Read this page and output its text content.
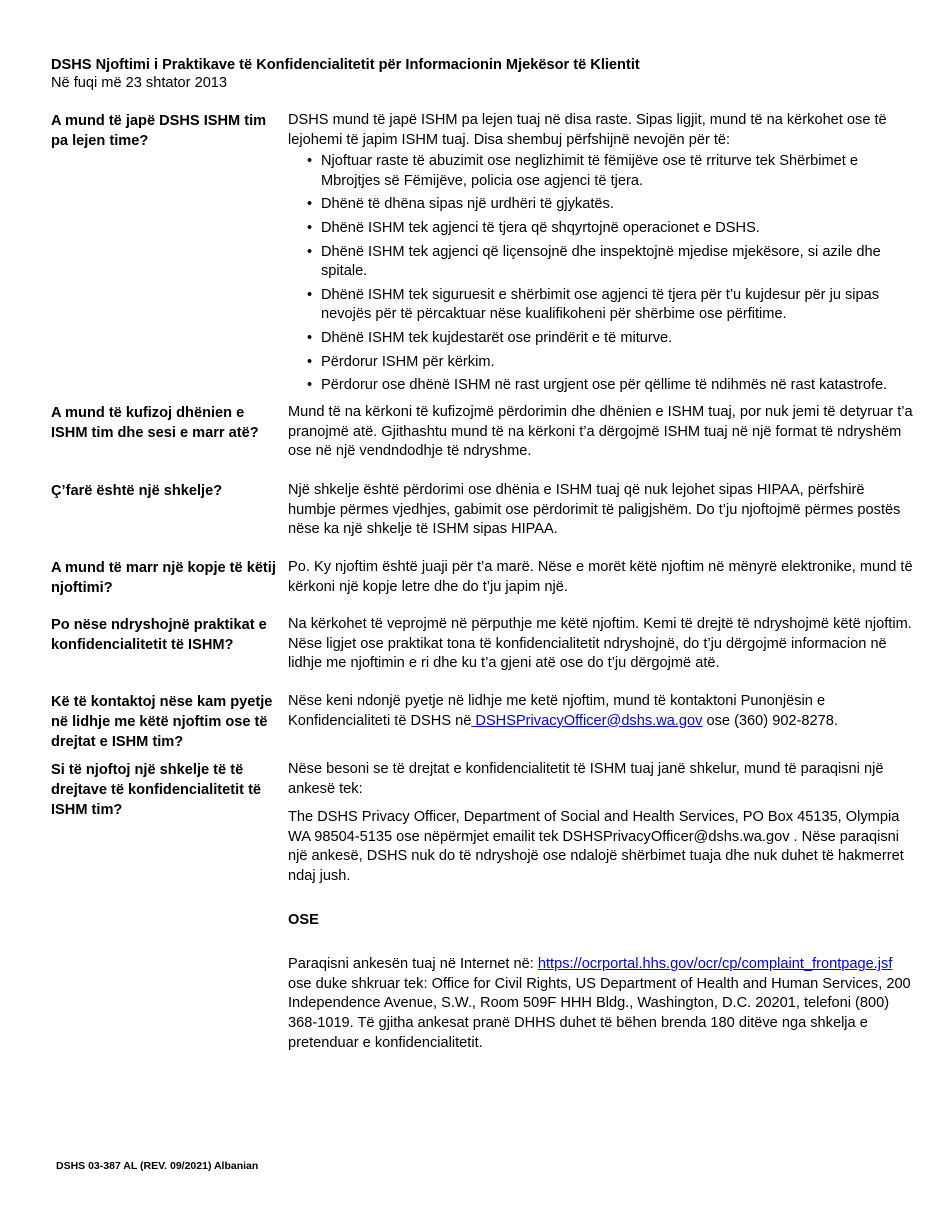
DSHS Njoftimi i Praktikave të Konfidencialitetit për Informacionin Mjekësor të Klientit
Në fuqi më 23 shtator 2013
A mund të japë DSHS ISHM tim pa lejen time?

DSHS mund të japë ISHM pa lejen tuaj në disa raste. Sipas ligjit, mund të na kërkohet ose të lejohemi të japim ISHM tuaj. Disa shembuj përfshijnë nevojën për të:

• Njoftuar raste të abuzimit ose neglizhimit të fëmijëve ose të rriturve tek Shërbimet e Mbrojtjes së Fëmijëve, policia ose agjenci të tjera.
• Dhënë të dhëna sipas një urdhëri të gjykatës.
• Dhënë ISHM tek agjenci të tjera që shqyrtojnë operacionet e DSHS.
• Dhënë ISHM tek agjenci që liçensojnë dhe inspektojnë mjedise mjekësore, si azile dhe spitale.
• Dhënë ISHM tek siguruesit e shërbimit ose agjenci të tjera për t’u kujdesur për ju sipas nevojës për të përcaktuar nëse kualifikoheni për shërbime ose përfitime.
• Dhënë ISHM tek kujdestarët ose prindërit e të miturve.
• Përdorur ISHM për kërkim.
• Përdorur ose dhënë ISHM në rast urgjent ose për qëllime të ndihmës në rast katastrofe.
A mund të kufizoj dhënien e ISHM tim dhe sesi e marr atë?
Mund të na kërkoni të kufizojmë përdorimin dhe dhënien e ISHM tuaj, por nuk jemi të detyruar t’a pranojmë atë. Gjithashtu mund të na kërkoni t’a dërgojmë ISHM tuaj në një format të ndryshëm ose në një vendndodhje të ndryshme.
Ç’farë është një shkelje?	Një shkelje është përdorimi ose dhënia e ISHM tuaj që nuk lejohet sipas HIPAA, përfshirë humbje përmes vjedhjes, gabimit ose përdorimit të paligjshëm. Do t’ju njoftojmë përmes postës nëse ka një shkelje të ISHM sipas HIPAA.
A mund të marr një kopje të këtij njoftimi?
Po. Ky njoftim është juaji për t’a marë. Nëse e morët këtë njoftim në mënyrë elektronike, mund të kërkoni një kopje letre dhe do t’ju japim një.
Po nëse ndryshojnë praktikat e konfidencialitetit të ISHM?
Na kërkohet të veprojmë në përputhje me këtë njoftim. Kemi të drejtë të ndryshojmë këtë njoftim. Nëse ligjet ose praktikat tona të konfidencialitetit ndryshojnë, do t’ju dërgojmë informacion në lidhje me njoftimin e ri dhe ku t’a gjeni atë ose do t’ju dërgojmë atë.
Kë të kontaktoj nëse kam pyetje në lidhje me këtë njoftim ose të drejtat e ISHM tim?
Nëse keni ndonjë pyetje në lidhje me ketë njoftim, mund të kontaktoni Punonjësin e Konfidencialiteti të DSHS në DSHSPrivacyOfficer@dshs.wa.gov ose (360) 902-8278.
Si të njoftoj një shkelje të të drejtave të konfidencialitetit të ISHM tim?

Nëse besoni se të drejtat e konfidencialitetit të ISHM tuaj janë shkelur, mund të paraqisni një ankesë tek:

The DSHS Privacy Officer, Department of Social and Health Services, PO Box 45135, Olympia WA 98504-5135 ose nëpërmjet emailit tek DSHSPrivacyOfficer@dshs.wa.gov . Nëse paraqisni një ankesë, DSHS nuk do të ndryshojë ose ndalojë shërbimet tuaja dhe nuk duhet të hakmerret ndaj jush.

OSE

Paraqisni ankesën tuaj në Internet në: https://ocrportal.hhs.gov/ocr/cp/complaint_frontpage.jsf ose duke shkruar tek: Office for Civil Rights, US Department of Health and Human Services, 200 Independence Avenue, S.W., Room 509F HHH Bldg., Washington, D.C. 20201, telefoni (800) 368-1019. Të gjitha ankesat pranë DHHS duhet të bëhen brenda 180 ditëve nga shkelja e pretenduar e konfidencialitetit.

DSHS 03-387 AL (REV. 09/2021) Albanian
